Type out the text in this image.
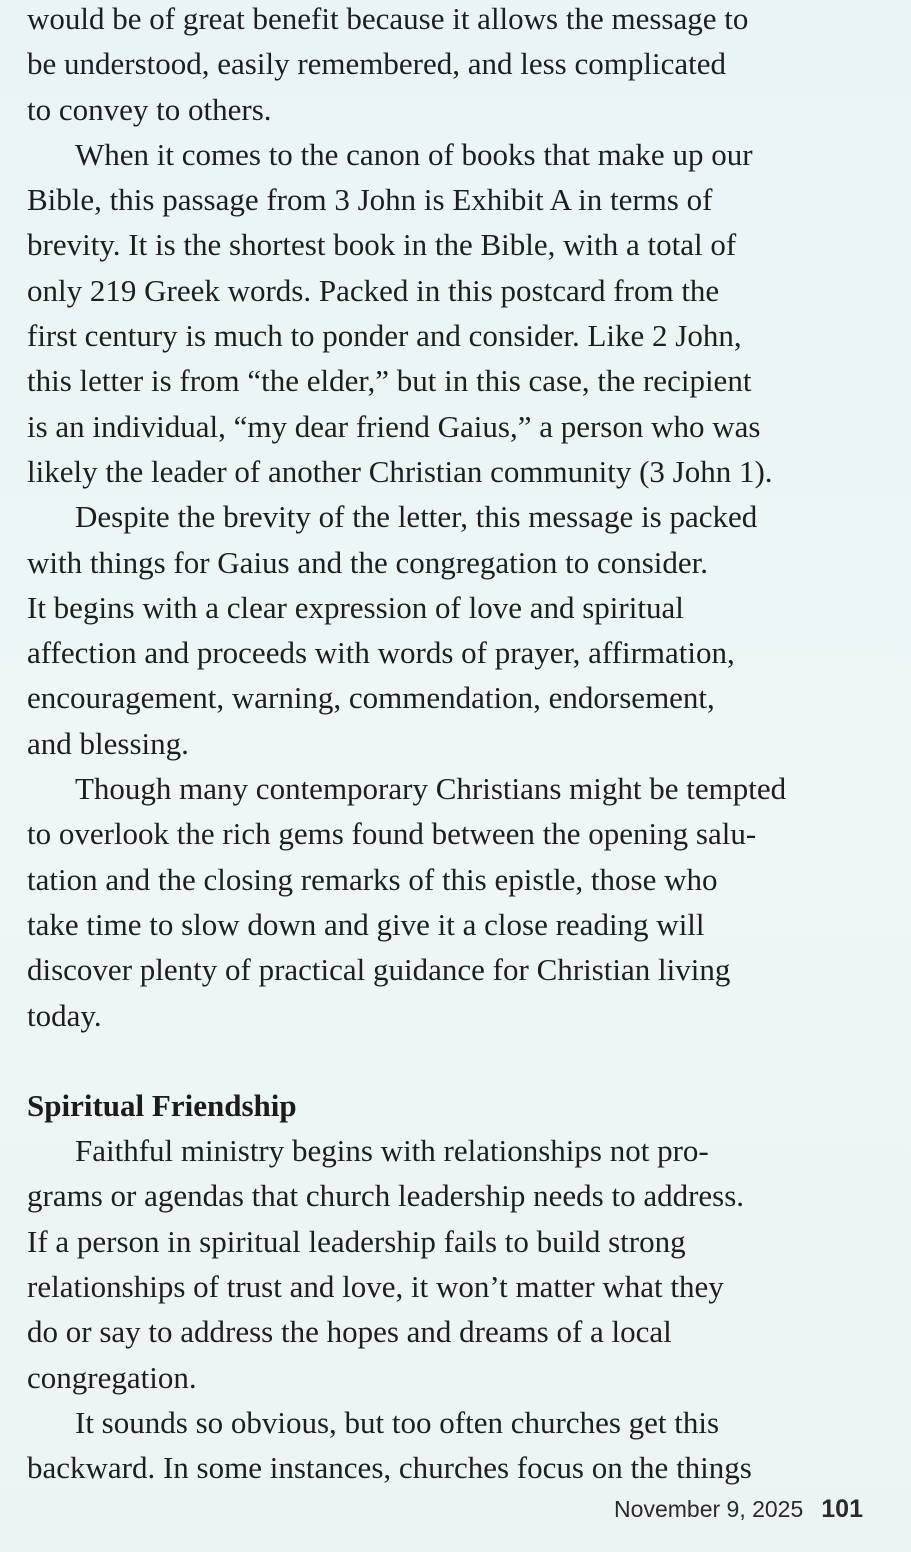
would be of great benefit because it allows the message to
be understood, easily remembered, and less complicated
to convey to others.

When it comes to the canon of books that make up our
Bible, this passage from 3 John is Exhibit A in terms of
brevity. It is the shortest book in the Bible, with a total of
only 219 Greek words. Packed in this postcard from the
first century is much to ponder and consider. Like 2 John,
this letter is from “the elder,” but in this case, the recipient
is an individual, “my dear friend Gaius,” a person who was
likely the leader of another Christian community (3 John 1).

Despite the brevity of the letter, this message is packed
with things for Gaius and the congregation to consider.
It begins with a clear expression of love and spiritual
affection and proceeds with words of prayer, affirmation,
encouragement, warning, commendation, endorsement,
and blessing.

Though many contemporary Christians might be tempted
to overlook the rich gems found between the opening salu-
tation and the closing remarks of this epistle, those who
take time to slow down and give it a close reading will
discover plenty of practical guidance for Christian living
today.

Spiritual Friendship

Faithful ministry begins with relationships not pro-
grams or agendas that church leadership needs to address.
If a person in spiritual leadership fails to build strong
relationships of trust and love, it won’t matter what they
do or say to address the hopes and dreams of a local
congregation.

It sounds so obvious, but too often churches get this
backward. In some instances, churches focus on the things

November 9, 2025 101
